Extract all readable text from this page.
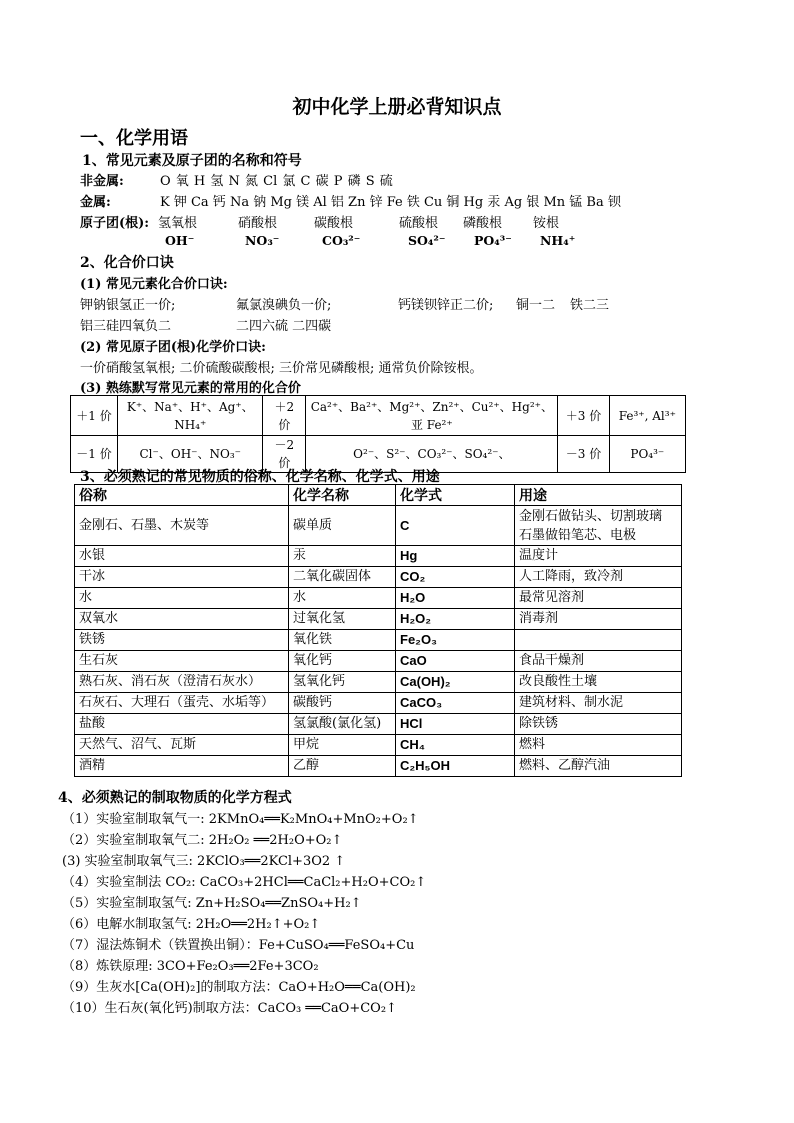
初中化学上册必背知识点
一、化学用语
1、常见元素及原子团的名称和符号
非金属:	O 氧 H 氢 N 氮 Cl 氯 C 碳 P 磷 S 硫
金属:	K 钾 Ca 钙 Na 钠 Mg 镁 Al 铝 Zn 锌 Fe 铁 Cu 铜 Hg 汞 Ag 银 Mn 锰 Ba 钡
原子团(根): 氢氧根	硝酸根	碳酸根	硫酸根 磷酸根 铵根
OH⁻	NO₃⁻	CO₃²⁻	SO₄²⁻ PO₄³⁻ NH₄⁺
2、化合价口诀
(1) 常见元素化合价口诀:
钾钠银氢正一价;	氟氯溴碘负一价;	钙镁钡锌正二价; 铜一二 铁二三
铝三硅四氧负二	二四六硫 二四碳
(2) 常见原子团(根)化学价口诀:
一价硝酸氢氧根; 二价硫酸碳酸根; 三价常见磷酸根; 通常负价除铵根。
(3) 熟练默写常见元素的常用的化合价
＋1 价	K⁺、Na⁺、H⁺、Ag⁺、NH₄⁺	＋2 价	Ca²⁺、Ba²⁺、Mg²⁺、Zn²⁺、Cu²⁺、Hg²⁺、亚 Fe²⁺	＋3 价	Fe³⁺, Al³⁺
－1 价	Cl⁻、OH⁻、NO₃⁻	－2 价	O²⁻、S²⁻、CO₃²⁻、SO₄²⁻、	－3 价	PO₄³⁻
3、必须熟记的常见物质的俗称、化学名称、化学式、用途
俗称	化学名称	化学式	用途
金刚石、石墨、木炭等	碳单质	C	金刚石做钻头、切割玻璃 石墨做铅笔芯、电极
水银	汞	Hg	温度计
干冰	二氧化碳固体	CO₂	人工降雨，致冷剂
水	水	H₂O	最常见溶剂
双氧水	过氧化氢	H₂O₂	消毒剂
铁锈	氧化铁	Fe₂O₃	
生石灰	氧化钙	CaO	食品干燥剂
熟石灰、消石灰（澄清石灰水）	氢氧化钙	Ca(OH)₂	改良酸性土壤
石灰石、大理石（蛋壳、水垢等）	碳酸钙	CaCO₃	建筑材料、制水泥
盐酸	氢氯酸(氯化氢)	HCl	除铁锈
天然气、沼气、瓦斯	甲烷	CH₄	燃料
酒精	乙醇	C₂H₅OH	燃料、乙醇汽油
4、必须熟记的制取物质的化学方程式
（1）实验室制取氧气一: 2KMnO₄══K₂MnO₄+MnO₂+O₂↑
（2）实验室制取氧气二: 2H₂O₂ ══2H₂O+O₂↑
(3) 实验室制取氧气三: 2KClO₃══2KCl+3O2 ↑
（4）实验室制法 CO₂: CaCO₃+2HCl══CaCl₂+H₂O+CO₂↑
（5）实验室制取氢气: Zn+H₂SO₄══ZnSO₄+H₂↑
（6）电解水制取氢气: 2H₂O══2H₂↑+O₂↑
（7）湿法炼铜术（铁置换出铜）：Fe+CuSO₄══FeSO₄+Cu
（8）炼铁原理: 3CO+Fe₂O₃══2Fe+3CO₂
（9）生灰水[Ca(OH)₂]的制取方法：CaO+H₂O══Ca(OH)₂
（10）生石灰(氧化钙)制取方法：CaCO₃ ══CaO+CO₂↑
